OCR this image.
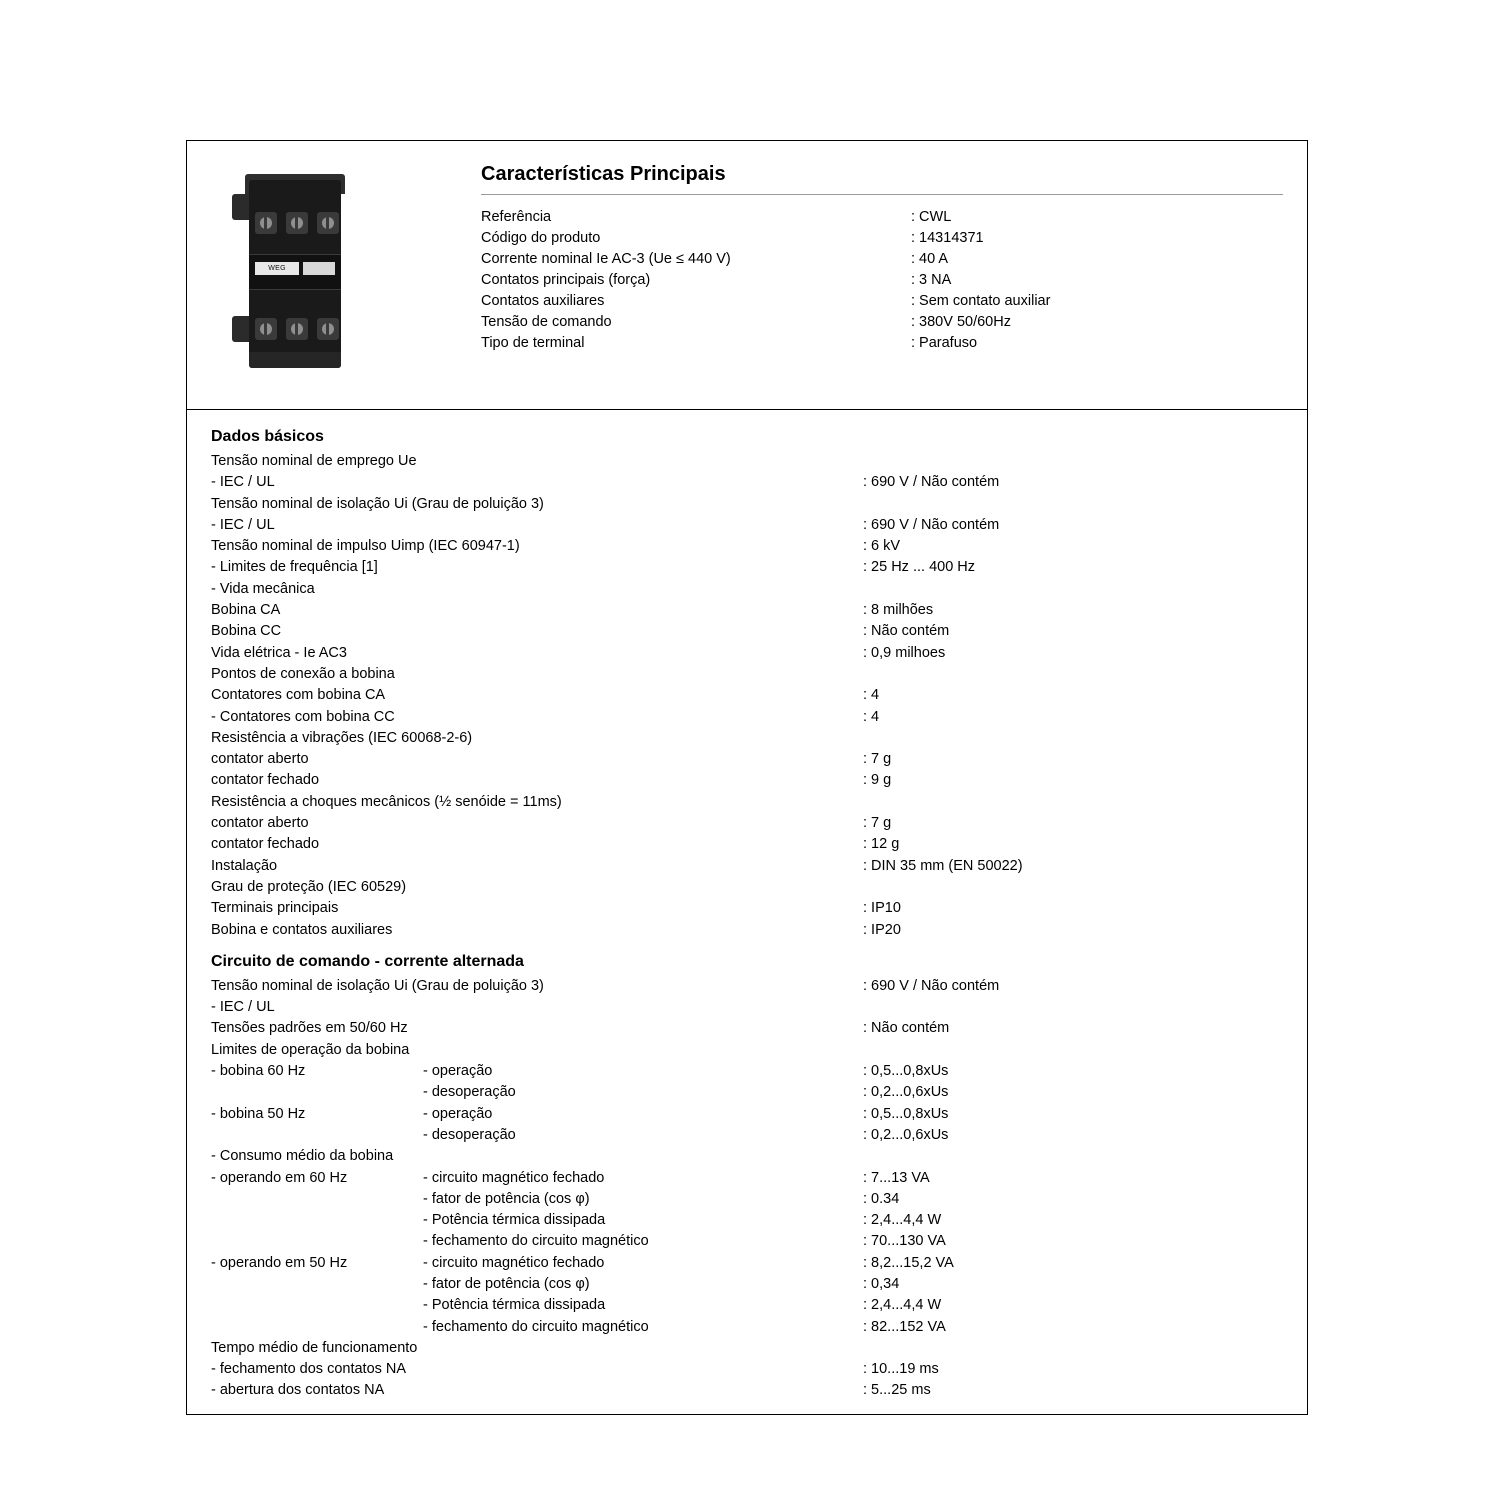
WEG
Características Principais
Referência	: CWL
Código do produto	: 14314371
Corrente nominal Ie AC-3 (Ue ≤ 440 V)	: 40 A
Contatos principais (força)	: 3 NA
Contatos auxiliares	: Sem contato auxiliar
Tensão de comando	: 380V 50/60Hz
Tipo de terminal	: Parafuso
Dados básicos
Tensão nominal de emprego Ue
- IEC / UL	: 690 V / Não contém
Tensão nominal de isolação Ui (Grau de poluição 3)
- IEC / UL	: 690 V / Não contém
Tensão nominal de impulso Uimp (IEC 60947-1)	: 6 kV
- Limites de frequência [1]	: 25 Hz ... 400 Hz
- Vida mecânica
Bobina CA	: 8 milhões
Bobina CC	: Não contém
Vida elétrica - Ie AC3	: 0,9 milhoes
Pontos de conexão a bobina
Contatores com bobina CA	: 4
- Contatores com bobina CC	: 4
Resistência a vibrações (IEC 60068-2-6)
contator aberto	: 7 g
contator fechado	: 9 g
Resistência a choques mecânicos (½ senóide = 11ms)
contator aberto	: 7 g
contator fechado	: 12 g
Instalação	: DIN 35 mm (EN 50022)
Grau de proteção (IEC 60529)
Terminais principais	: IP10
Bobina e contatos auxiliares	: IP20
Circuito de comando - corrente alternada
Tensão nominal de isolação Ui (Grau de poluição 3)	: 690 V / Não contém
- IEC / UL
Tensões padrões em 50/60 Hz	: Não contém
Limites de operação da bobina
- bobina 60 Hz	- operação	: 0,5...0,8xUs
- desoperação	: 0,2...0,6xUs
- bobina 50 Hz	- operação	: 0,5...0,8xUs
- desoperação	: 0,2...0,6xUs
- Consumo médio da bobina
- operando em 60 Hz	- circuito magnético fechado	: 7...13 VA
- fator de potência (cos φ)	: 0.34
- Potência térmica dissipada	: 2,4...4,4 W
- fechamento do circuito magnético	: 70...130 VA
- operando em 50 Hz	- circuito magnético fechado	: 8,2...15,2 VA
- fator de potência (cos φ)	: 0,34
- Potência térmica dissipada	: 2,4...4,4 W
- fechamento do circuito magnético	: 82...152 VA
Tempo médio de funcionamento
- fechamento dos contatos NA	: 10...19 ms
- abertura dos contatos NA	: 5...25 ms
